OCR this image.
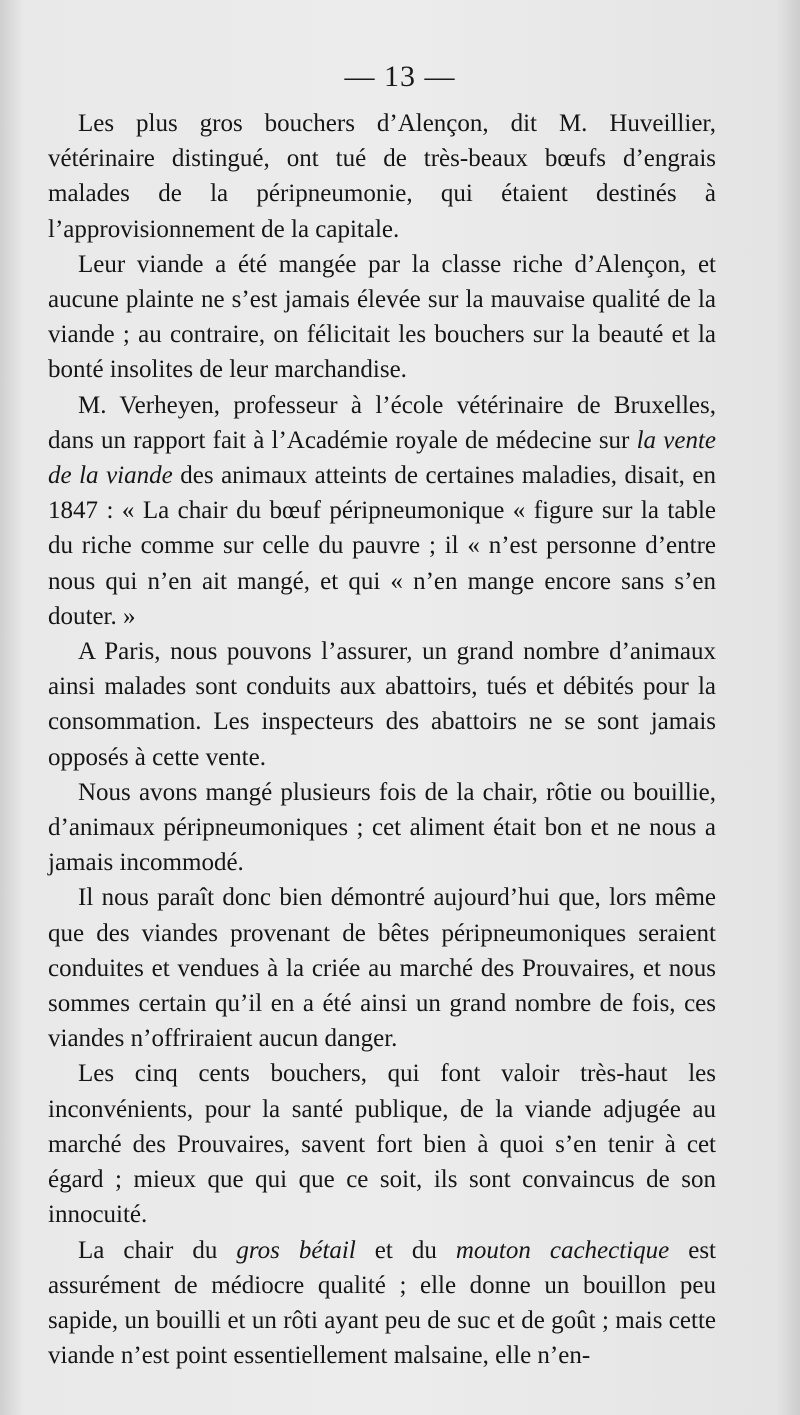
— 13 —

Les plus gros bouchers d’Alençon, dit M. Huveillier, vétérinaire distingué, ont tué de très-beaux bœufs d’engrais malades de la péripneumonie, qui étaient destinés à l’approvisionnement de la capitale.

Leur viande a été mangée par la classe riche d’Alençon, et aucune plainte ne s’est jamais élevée sur la mauvaise qualité de la viande ; au contraire, on félicitait les bouchers sur la beauté et la bonté insolites de leur marchandise.

M. Verheyen, professeur à l’école vétérinaire de Bruxelles, dans un rapport fait à l’Académie royale de médecine sur la vente de la viande des animaux atteints de certaines maladies, disait, en 1847 : « La chair du bœuf péripneumonique « figure sur la table du riche comme sur celle du pauvre ; il « n’est personne d’entre nous qui n’en ait mangé, et qui « n’en mange encore sans s’en douter. »

A Paris, nous pouvons l’assurer, un grand nombre d’animaux ainsi malades sont conduits aux abattoirs, tués et débités pour la consommation. Les inspecteurs des abattoirs ne se sont jamais opposés à cette vente.

Nous avons mangé plusieurs fois de la chair, rôtie ou bouillie, d’animaux péripneumoniques ; cet aliment était bon et ne nous a jamais incommodé.

Il nous paraît donc bien démontré aujourd’hui que, lors même que des viandes provenant de bêtes péripneumoniques seraient conduites et vendues à la criée au marché des Prouvaires, et nous sommes certain qu’il en a été ainsi un grand nombre de fois, ces viandes n’offriraient aucun danger.

Les cinq cents bouchers, qui font valoir très-haut les inconvénients, pour la santé publique, de la viande adjugée au marché des Prouvaires, savent fort bien à quoi s’en tenir à cet égard ; mieux que qui que ce soit, ils sont convaincus de son innocuité.

La chair du gros bétail et du mouton cachectique est assurément de médiocre qualité ; elle donne un bouillon peu sapide, un bouilli et un rôti ayant peu de suc et de goût ; mais cette viande n’est point essentiellement malsaine, elle n’en-
